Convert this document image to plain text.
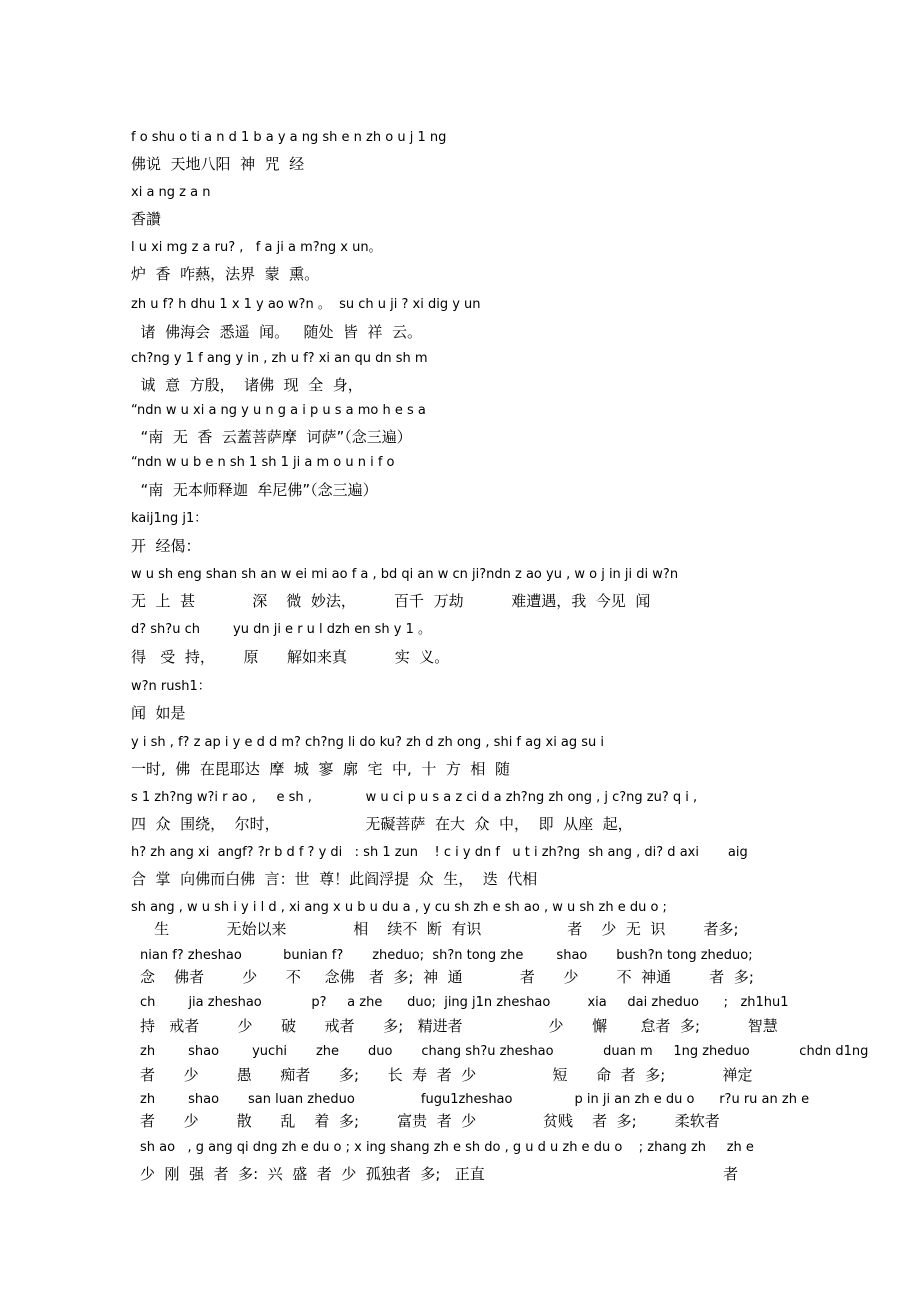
f o shu o ti a n d 1 b a y a ng sh e n zh o u j 1 ng
佛说  天地八阳  神  咒  经
xi a ng z a n
香讚
l u xi mg z a ru? ,   f a ji a m?ng x un。
炉  香  咋爇，法界  蒙  熏。
zh u f? h dhu 1 x 1 y ao w?n 。  su ch u ji ? xi dig y un
诸  佛海会  悉遥  闻。   随处  皆  祥  云。
ch?ng y 1 f ang y in , zh u f? xi an qu dn sh m
诚  意  方殷，  诸佛  现  全  身，
“ndn w u xi a ng y u n g a i p u s a mo h e s a
“南  无  香  云蓋菩萨摩  诃萨”（念三遍）
“ndn w u b e n sh 1 sh 1 ji a m o u n i f o
“南  无本师释迦  牟尼佛”（念三遍）
kaij1ng j1：
开  经偈：
w u sh eng shan sh an w ei mi ao f a , bd qi an w cn ji?ndn z ao yu , w o j in ji di w?n
无  上  甚            深    微  妙法，        百千  万劫          难遭遇，我  今见  闻
d? sh?u ch        yu dn ji e r u l dzh en sh y 1 。
得   受  持，      原      解如来真          实  义。
w?n rush1：
闻  如是
y i sh , f? z ap i y e d d m? ch?ng li do ku? zh d zh ong , shi f ag xi ag su i
一时,  佛  在毘耶达  摩  城  寥  廓  宅  中,  十  方  相  随
s 1 zh?ng w?i r ao ,     e sh ,             w u ci p u s a z ci d a zh?ng zh ong , j c?ng zu? q i ,
四  众  围绕，  尔时，                  无礙菩萨  在大  众  中，  即  从座  起，
h? zh ang xi  angf? ?r b d f ? y di   : sh 1 zun    ! c i y dn f   u t i zh?ng  sh ang , di? d axi       aig
合  掌  向佛而白佛  言：世  尊！此阎浮提  众  生，  迭  代相
sh ang , w u sh i y i l d , xi ang x u b u du a , y cu sh zh e sh ao , w u sh zh e du o ;
生            无始以来              相    续不  断  有识                  者    少  无  识        者多;
nian f? zheshao          bunian f?       zheduo;  sh?n tong zhe        shao       bush?n tong zheduo;
念    佛者        少      不     念佛   者  多;  神  通            者      少        不  神通        者  多;
ch        jia zheshao            p?     a zhe      duo;  jing j1n zheshao         xia     dai zheduo      ;   zh1hu1
持   戒者        少      破      戒者      多;   精进者                  少      懈       怠者  多;          智慧
zh        shao        yuchi       zhe       duo       chang sh?u zheshao            duan m     1ng zheduo            chdn d1ng
者      少        愚      痴者      多;      长  寿  者  少                短      命  者  多;            禅定
zh        shao       san luan zheduo                fugu1zheshao               p in ji an zh e du o      r?u ru an zh e
者      少        散      乱    着  多;        富贵  者  少              贫贱    者  多;        柔软者
sh ao   , g ang qi dng zh e du o ; x ing shang zh e sh do , g u d u zh e du o    ; zhang zh     zh e
少  刚  强  者  多:  兴  盛  者  少  孤独者  多;   正直                                                  者
